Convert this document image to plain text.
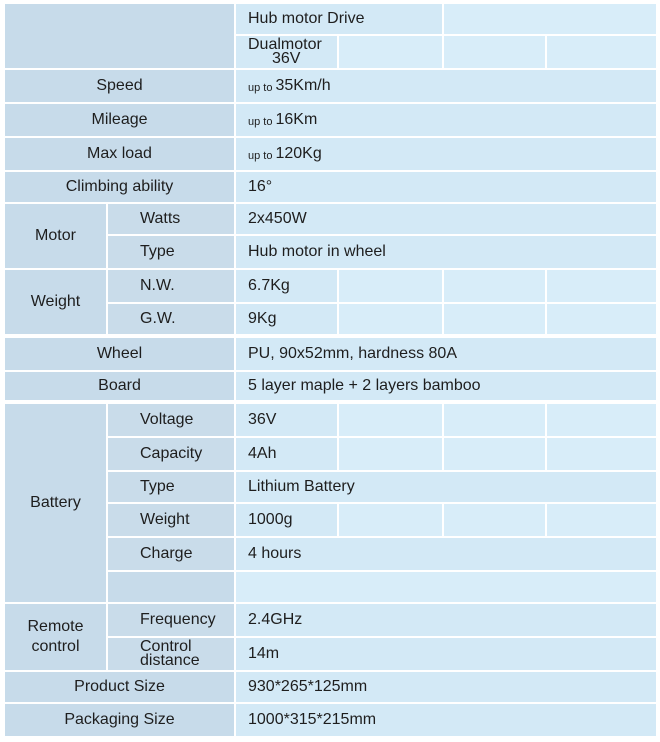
Hub motor Drive
Dualmotor
36V
Speed	up to 35Km/h
Mileage	up to 16Km
Max load	up to 120Kg
Climbing ability	16°
Motor
Watts	2x450W
Type	Hub motor in wheel
Weight
N.W.	6.7Kg
G.W.	9Kg
Wheel	PU, 90x52mm, hardness 80A
Board	5 layer maple + 2 layers bamboo
Battery
Voltage	36V
Capacity	4Ah
Type	Lithium Battery
Weight	1000g
Charge	4 hours
Remote
control
Frequency 2.4GHz
Control
distance	14m
Product Size	930*265*125mm
Packaging Size	1000*315*215mm
